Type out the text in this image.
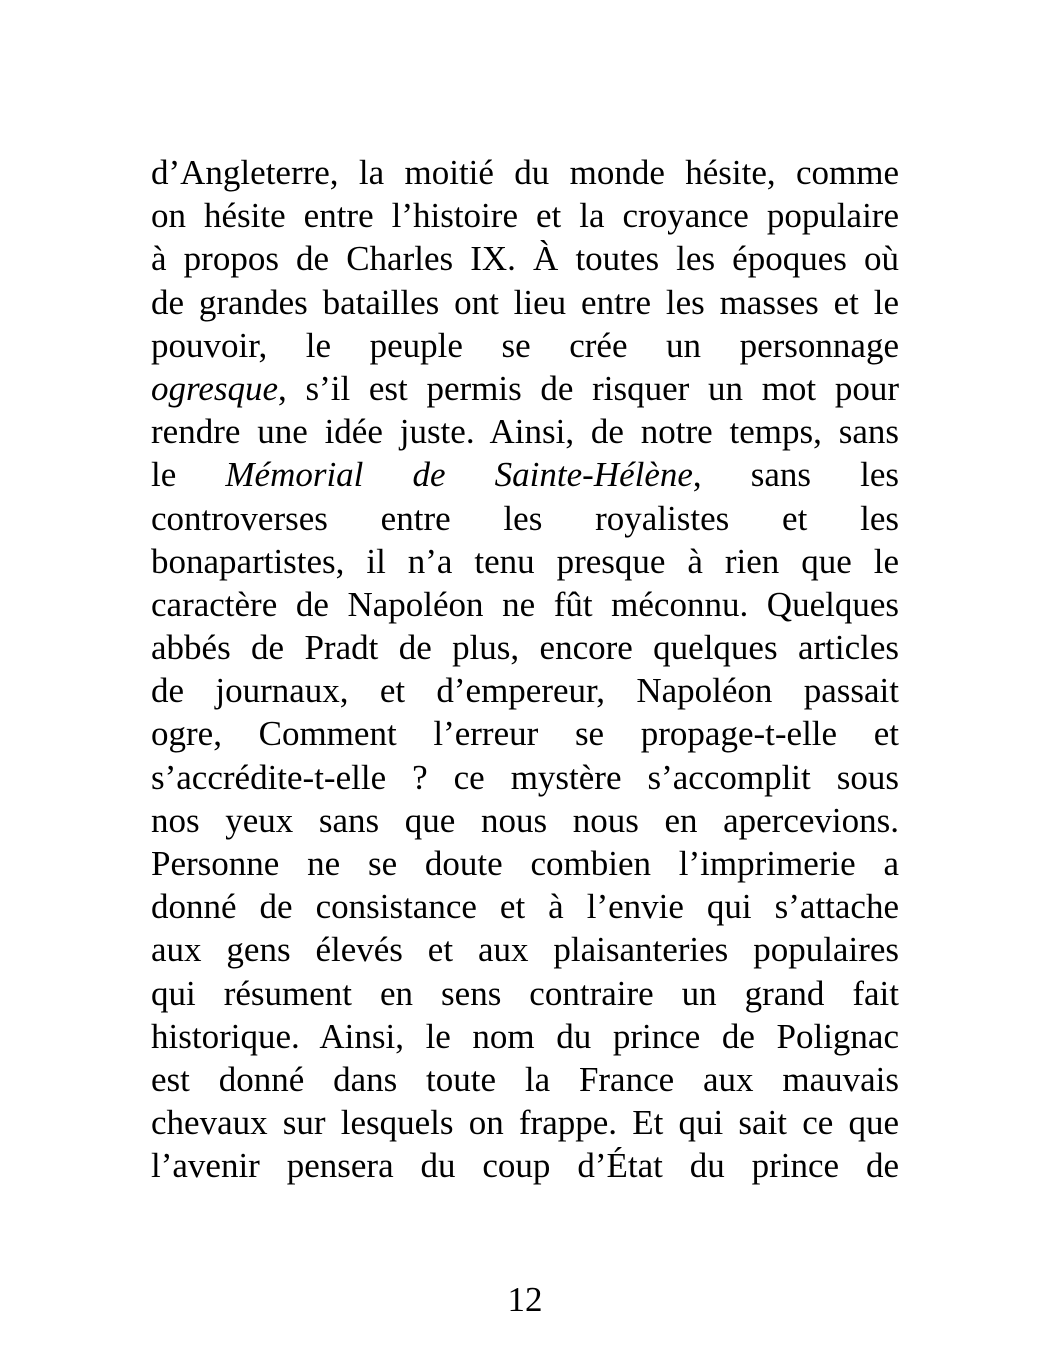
d’Angleterre, la moitié du monde hésite, comme
on hésite entre l’histoire et la croyance populaire
à propos de Charles IX. À toutes les époques où
de grandes batailles ont lieu entre les masses et le
pouvoir, le peuple se crée un personnage
ogresque, s’il est permis de risquer un mot pour
rendre une idée juste. Ainsi, de notre temps, sans
le Mémorial de Sainte-Hélène, sans les
controverses entre les royalistes et les
bonapartistes, il n’a tenu presque à rien que le
caractère de Napoléon ne fût méconnu. Quelques
abbés de Pradt de plus, encore quelques articles
de journaux, et d’empereur, Napoléon passait
ogre, Comment l’erreur se propage-t-elle et
s’accrédite-t-elle ? ce mystère s’accomplit sous
nos yeux sans que nous nous en apercevions.
Personne ne se doute combien l’imprimerie a
donné de consistance et à l’envie qui s’attache
aux gens élevés et aux plaisanteries populaires
qui résument en sens contraire un grand fait
historique. Ainsi, le nom du prince de Polignac
est donné dans toute la France aux mauvais
chevaux sur lesquels on frappe. Et qui sait ce que
l’avenir pensera du coup d’État du prince de
12
